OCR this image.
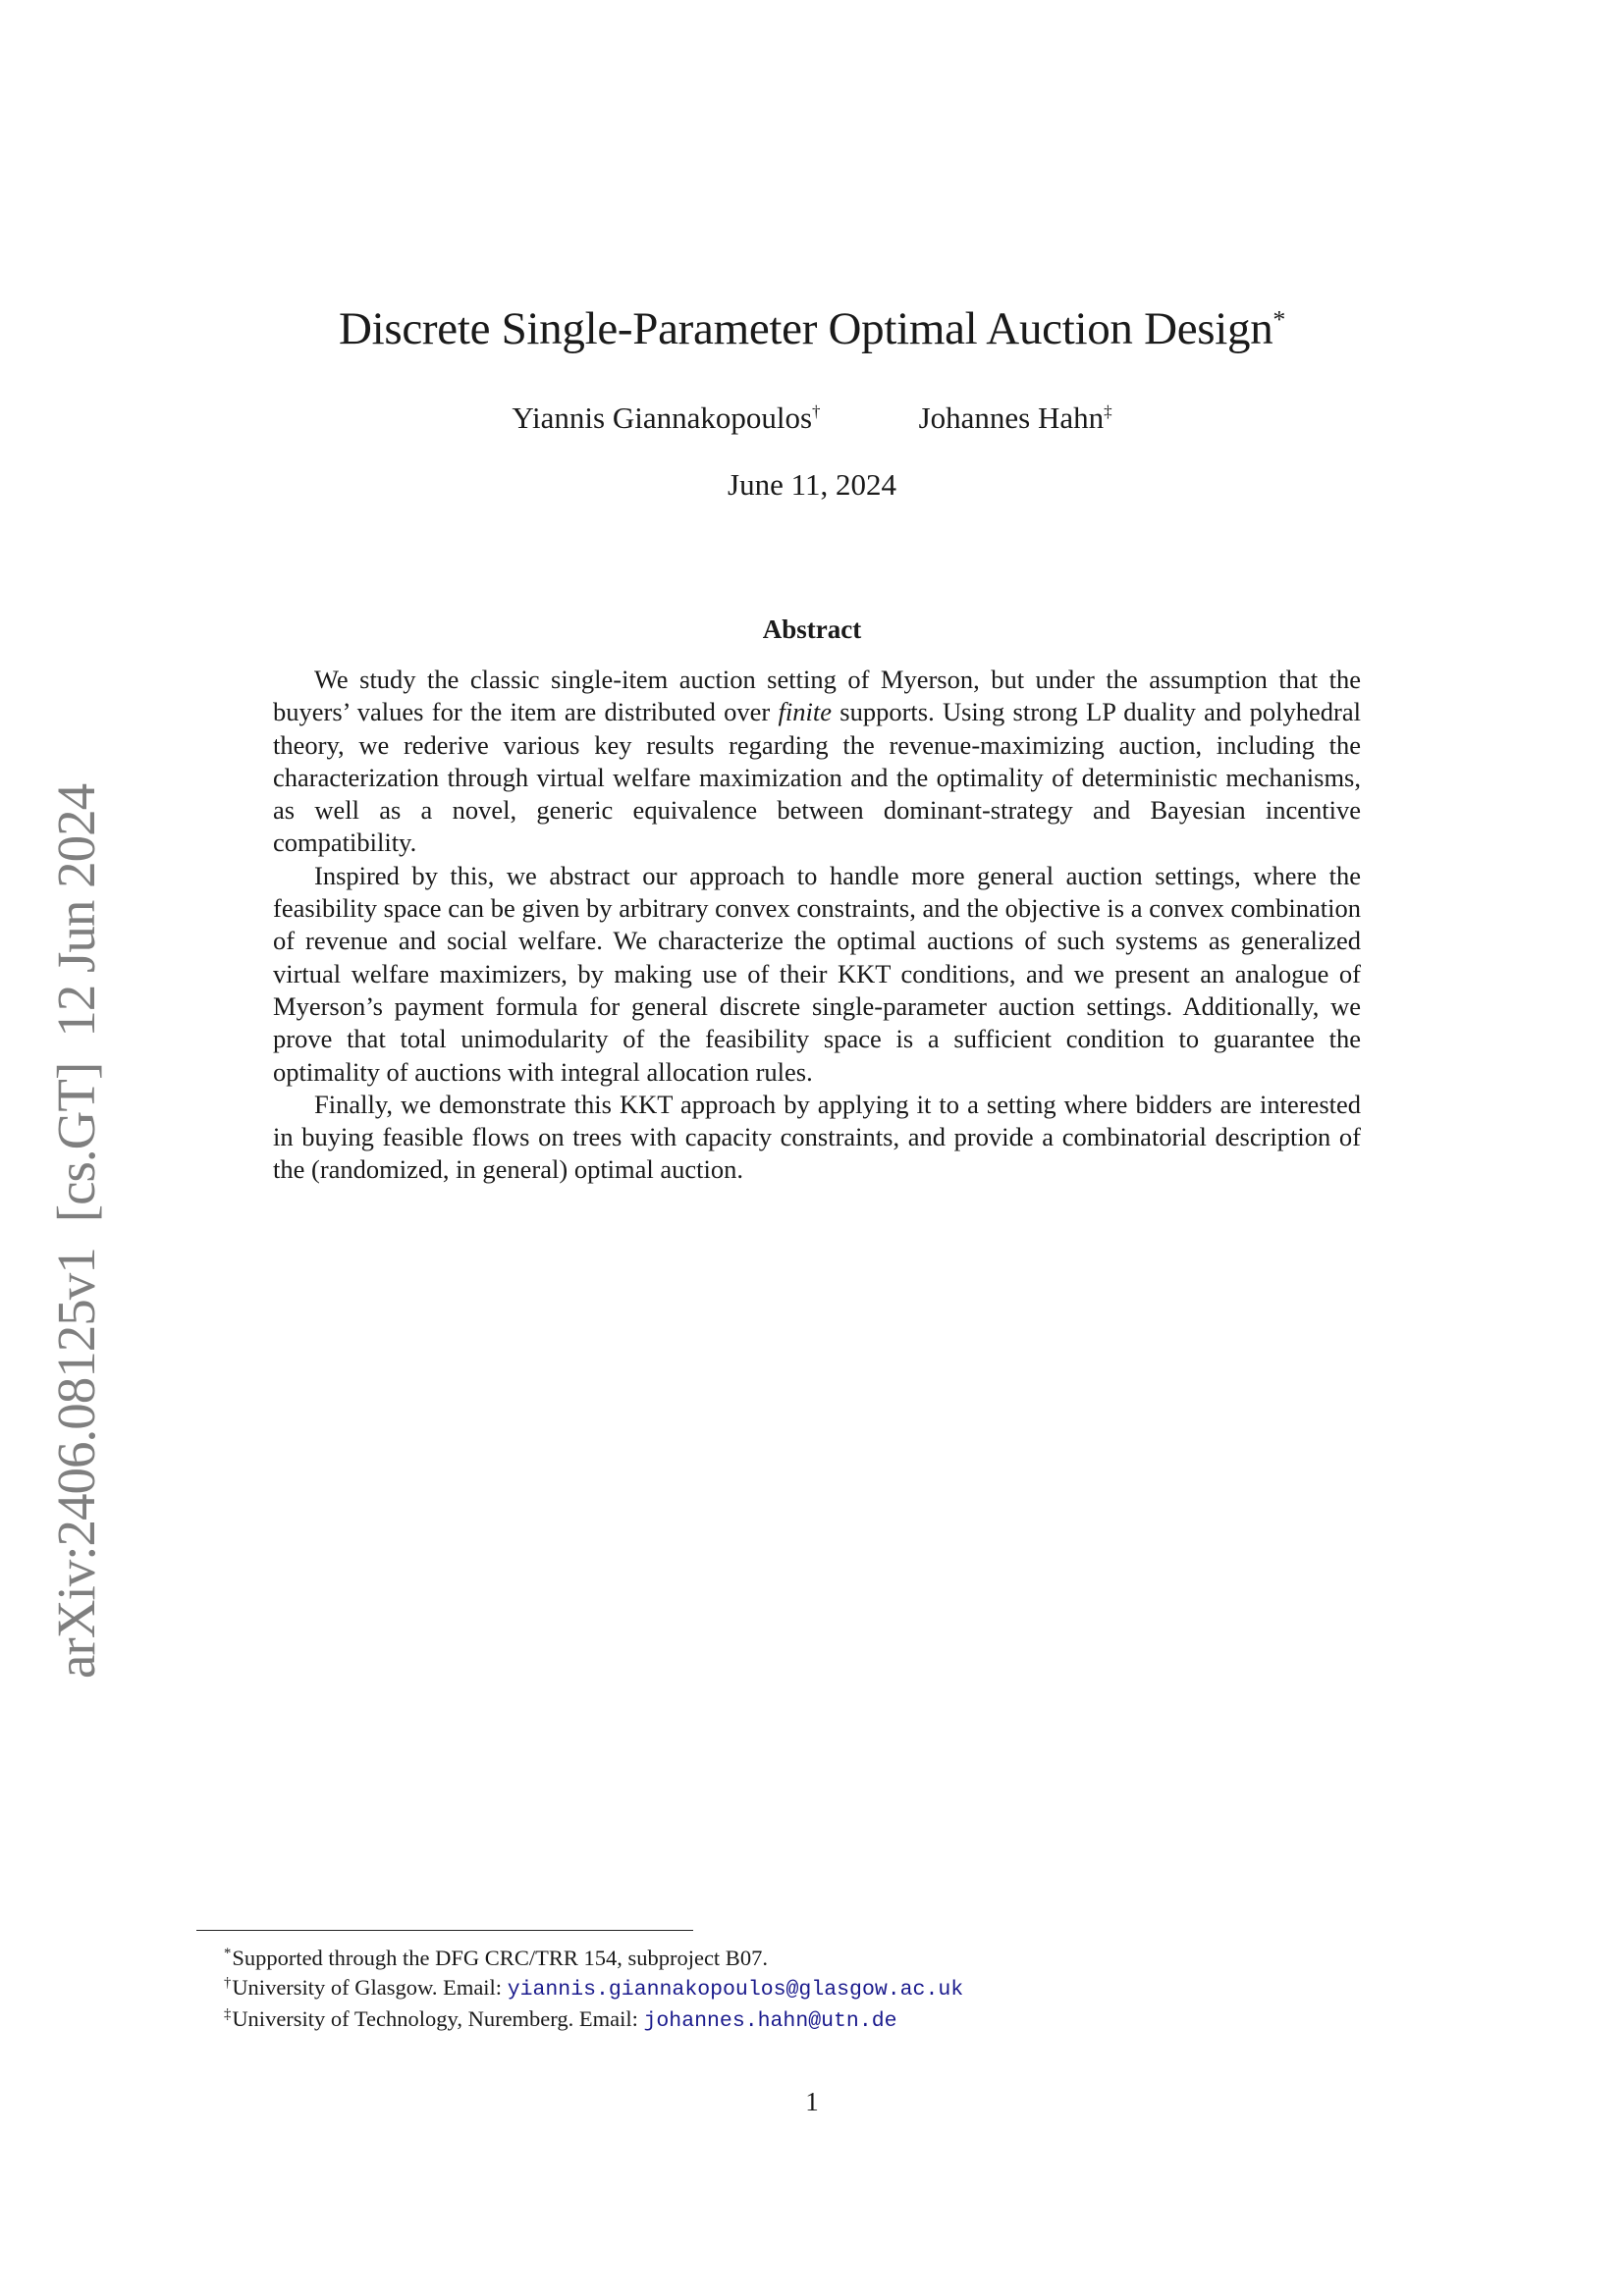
arXiv:2406.08125v1[cs.GT]12 Jun 2024
Discrete Single-Parameter Optimal Auction Design*
Yiannis Giannakopoulos†	Johannes Hahn‡
June 11, 2024
Abstract

We study the classic single-item auction setting of Myerson, but under the assumption that the buyers’ values for the item are distributed over finite supports. Using strong LP duality and polyhedral theory, we rederive various key results regarding the revenue-maximizing auction, including the characterization through virtual welfare maximization and the optimality of deterministic mechanisms, as well as a novel, generic equivalence between dominant-strategy and Bayesian incentive compatibility.

Inspired by this, we abstract our approach to handle more general auction settings, where the feasibility space can be given by arbitrary convex constraints, and the objective is a convex combination of revenue and social welfare. We characterize the optimal auctions of such systems as generalized virtual welfare maximizers, by making use of their KKT conditions, and we present an analogue of Myerson’s payment formula for general discrete single-parameter auction settings. Additionally, we prove that total unimodularity of the feasibility space is a sufficient condition to guarantee the optimality of auctions with integral allocation rules.

Finally, we demonstrate this KKT approach by applying it to a setting where bidders are interested in buying feasible flows on trees with capacity constraints, and provide a combinatorial description of the (randomized, in general) optimal auction.

*Supported through the DFG CRC/TRR 154, subproject B07.
†University of Glasgow. Email: yiannis.giannakopoulos@glasgow.ac.uk
‡University of Technology, Nuremberg. Email: johannes.hahn@utn.de
1
